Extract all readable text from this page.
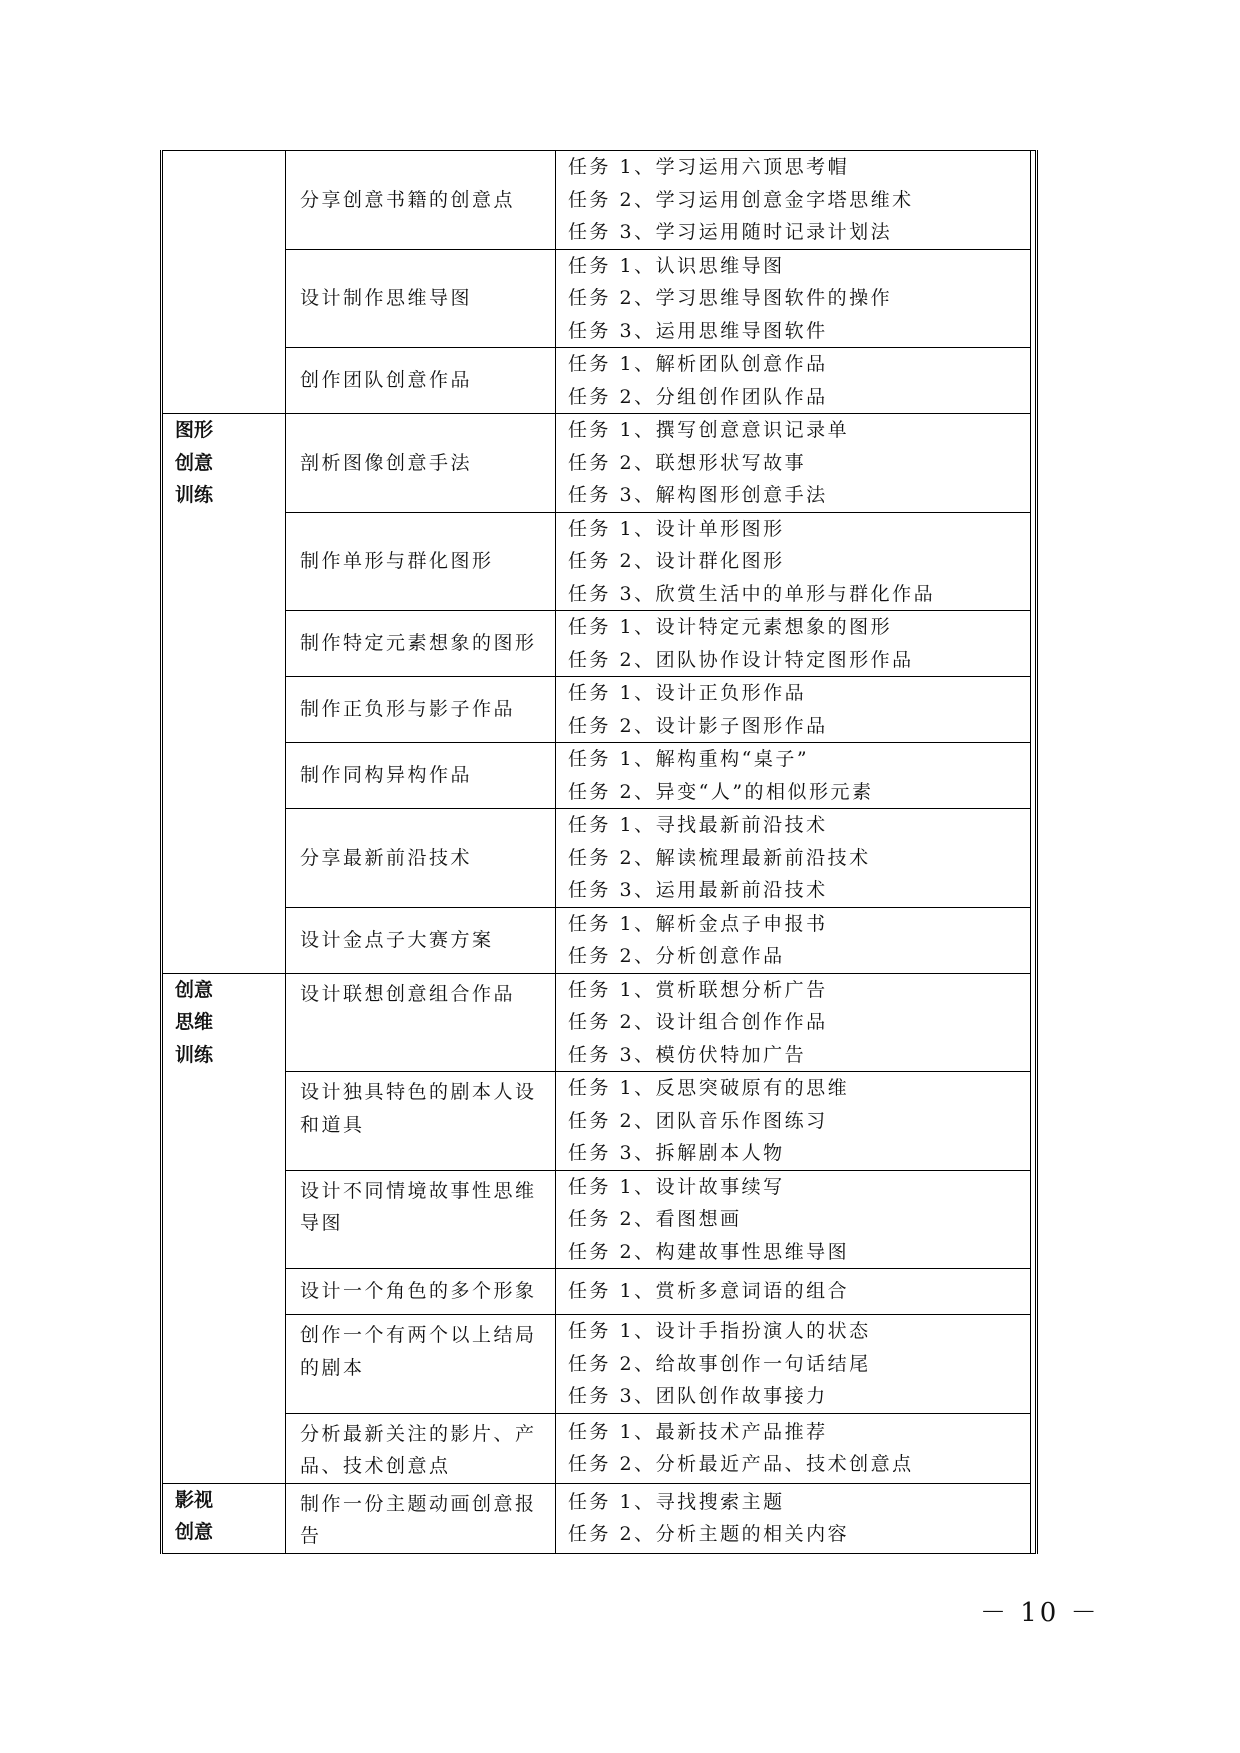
	分享创意书籍的创意点	任务 1、学习运用六顶思考帽
任务 2、学习运用创意金字塔思维术
任务 3、学习运用随时记录计划法	

	设计制作思维导图	任务 1、认识思维导图
任务 2、学习思维导图软件的操作
任务 3、运用思维导图软件	

	创作团队创意作品	任务 1、解析团队创意作品
任务 2、分组创作团队作品	

图形
创意
训练	剖析图像创意手法	任务 1、撰写创意意识记录单
任务 2、联想形状写故事
任务 3、解构图形创意手法	

	制作单形与群化图形	任务 1、设计单形图形
任务 2、设计群化图形
任务 3、欣赏生活中的单形与群化作品	

	制作特定元素想象的图形	任务 1、设计特定元素想象的图形
任务 2、团队协作设计特定图形作品	

	制作正负形与影子作品	任务 1、设计正负形作品
任务 2、设计影子图形作品	

	制作同构异构作品	任务 1、解构重构“桌子”
任务 2、异变“人”的相似形元素	

	分享最新前沿技术	任务 1、寻找最新前沿技术
任务 2、解读梳理最新前沿技术
任务 3、运用最新前沿技术	

	设计金点子大赛方案	任务 1、解析金点子申报书
任务 2、分析创意作品	

创意
思维
训练	设计联想创意组合作品	任务 1、赏析联想分析广告
任务 2、设计组合创作作品
任务 3、模仿伏特加广告	

	设计独具特色的剧本人设和道具	任务 1、反思突破原有的思维
任务 2、团队音乐作图练习
任务 3、拆解剧本人物	

	设计不同情境故事性思维导图	任务 1、设计故事续写
任务 2、看图想画
任务 2、构建故事性思维导图	

	设计一个角色的多个形象	任务 1、赏析多意词语的组合	

	创作一个有两个以上结局的剧本	任务 1、设计手指扮演人的状态
任务 2、给故事创作一句话结尾
任务 3、团队创作故事接力	

	分析最新关注的影片、产品、技术创意点	任务 1、最新技术产品推荐
任务 2、分析最近产品、技术创意点	

影视
创意	制作一份主题动画创意报告	任务 1、寻找搜索主题
任务 2、分析主题的相关内容	
－ 10 －
